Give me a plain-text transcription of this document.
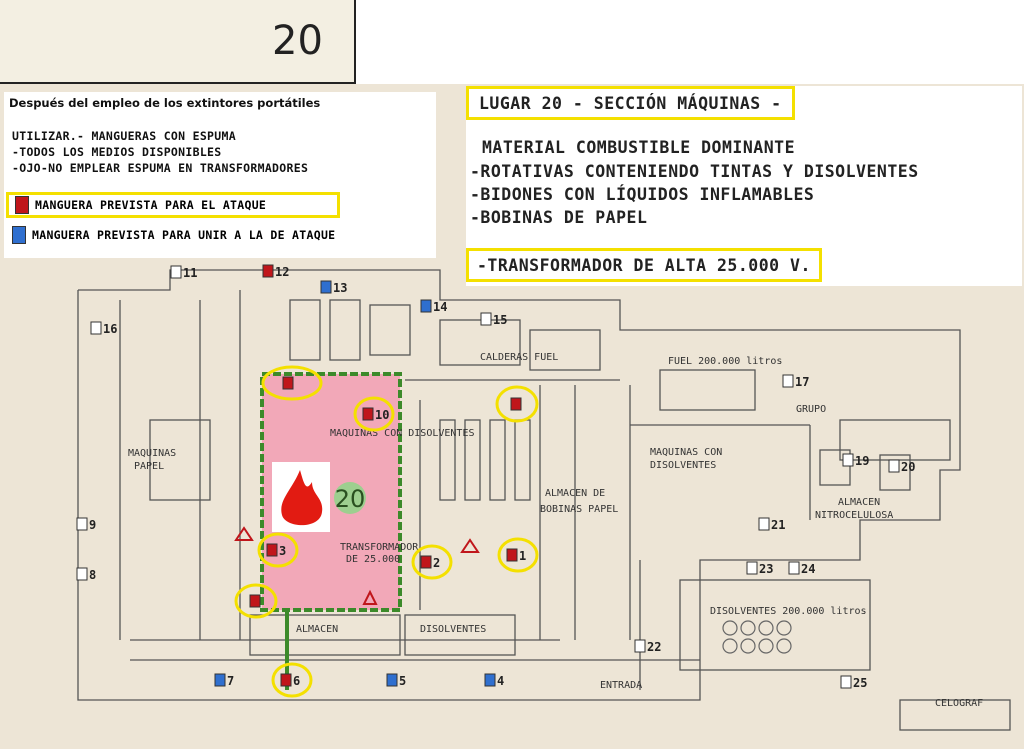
20
20
CALDERAS FUEL	FUEL 200.000 litros
GRUPO
MAQUINAS CON DISOLVENTES
MAQUINAS CON
DISOLVENTES
MAQUINAS
PAPEL
ALMACEN DE
BOBINAS PAPEL
ALMACEN
NITROCELULOSA
TRANSFORMADOR
DE 25.000
ALMACEN	DISOLVENTES
DISOLVENTES 200.000 litros
ENTRADA
CELOGRAF
1
2
3
4
5
6
7
8
9
10
11	12
13
14
15
16
17
19	20
21
22
23 24
25
Después del empleo de los extintores portátiles
UTILIZAR.- MANGUERAS CON ESPUMA
-TODOS LOS MEDIOS DISPONIBLES
-OJO-NO EMPLEAR ESPUMA EN TRANSFORMADORES
MANGUERA PREVISTA PARA EL ATAQUE
MANGUERA PREVISTA PARA UNIR A LA DE ATAQUE
LUGAR 20 - SECCIÓN MÁQUINAS -
MATERIAL COMBUSTIBLE DOMINANTE
-ROTATIVAS CONTENIENDO TINTAS Y DISOLVENTES
-BIDONES CON LÍQUIDOS INFLAMABLES
-BOBINAS DE PAPEL
-TRANSFORMADOR DE ALTA 25.000 V.
